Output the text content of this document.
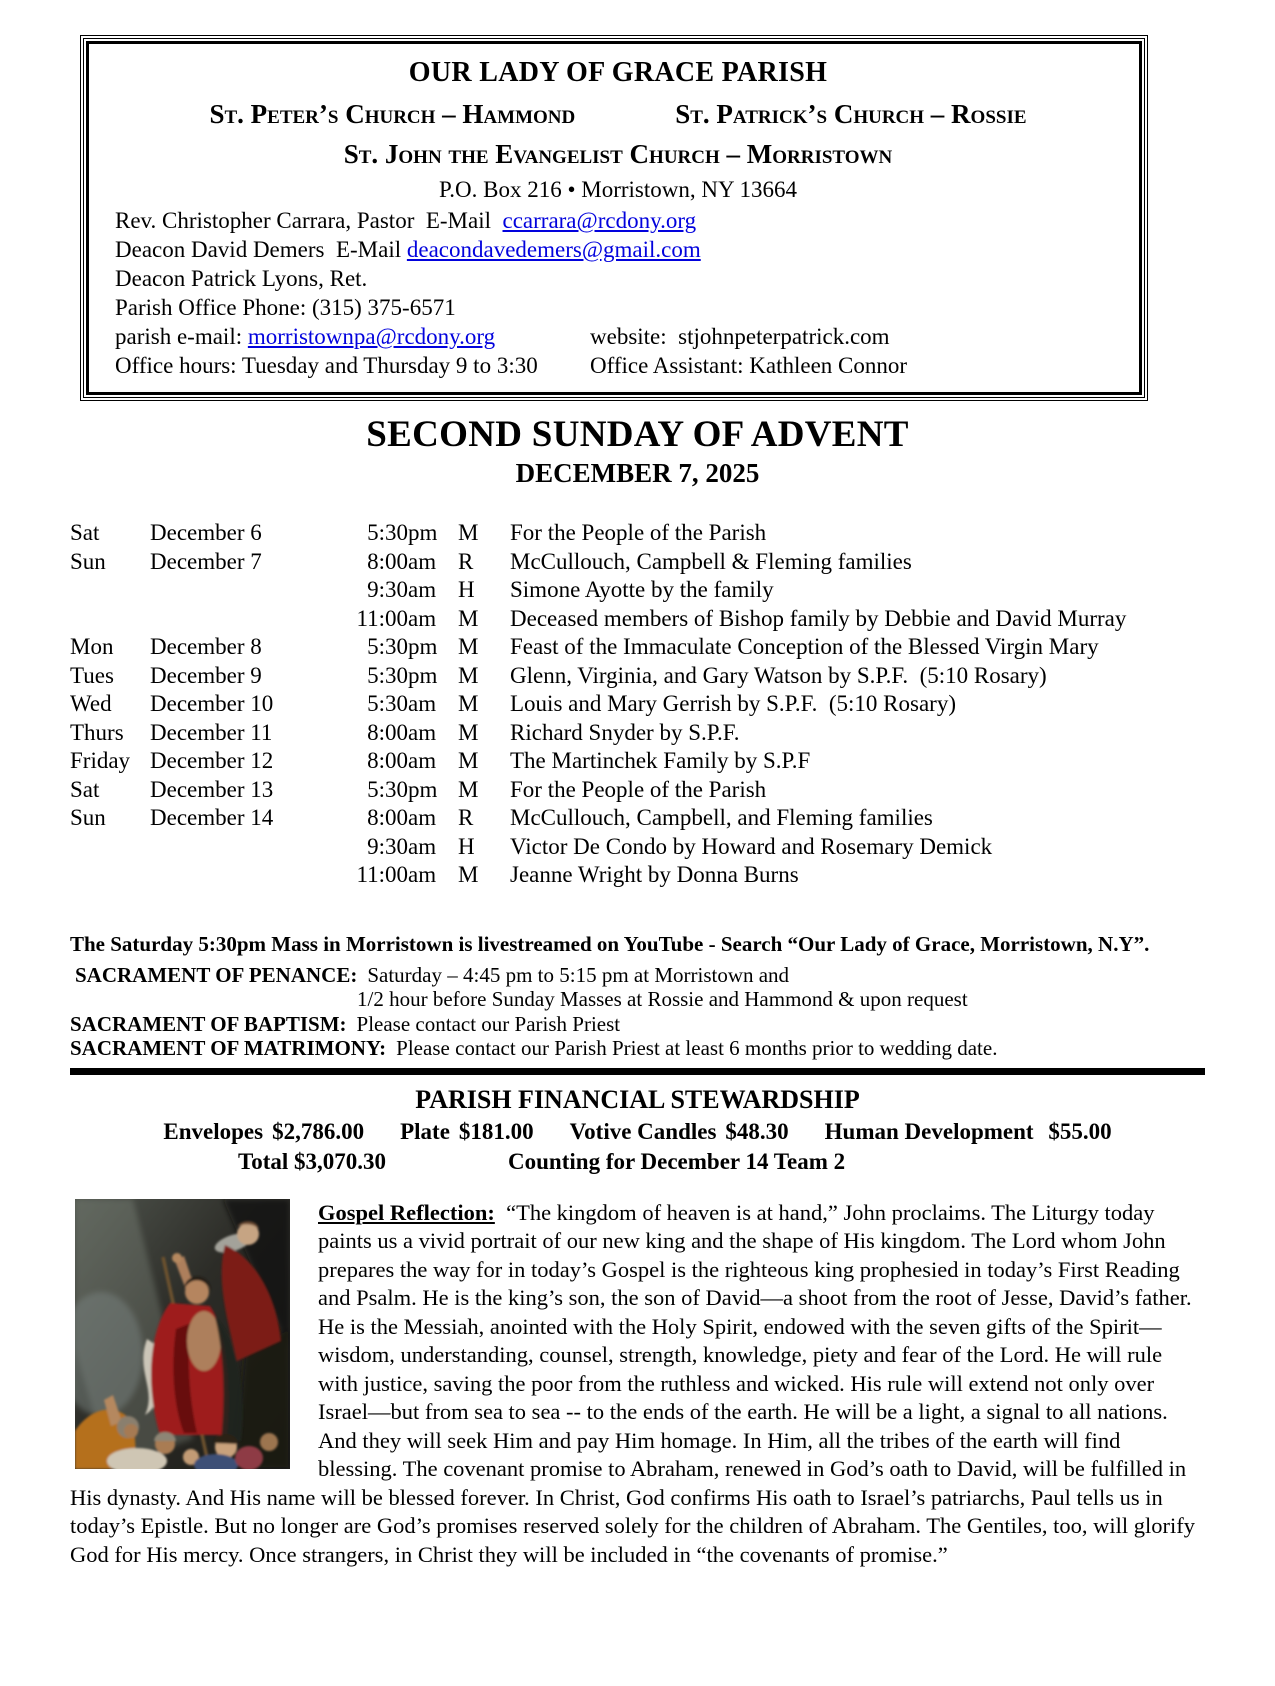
OUR LADY OF GRACE PARISH
St. Peter’s Church – Hammond	St. Patrick’s Church – Rossie
St. John the Evangelist Church – Morristown
P.O. Box 216 • Morristown, NY 13664
Rev. Christopher Carrara, Pastor  E-Mail  ccarrara@rcdony.org
Deacon David Demers  E-Mail deacondavedemers@gmail.com
Deacon Patrick Lyons, Ret.
Parish Office Phone: (315) 375-6571
parish e-mail: morristownpa@rcdony.org	website:  stjohnpeterpatrick.com
Office hours: Tuesday and Thursday 9 to 3:30	Office Assistant: Kathleen Connor
SECOND SUNDAY OF ADVENT
DECEMBER 7, 2025
Sat	December 6	5:30	pm	M	For the People of the Parish
Sun	December 7	8:00	am	R	McCullouch, Campbell & Fleming families
		9:30	am	H	Simone Ayotte by the family
		11:00	am	M	Deceased members of Bishop family by Debbie and David Murray
Mon	December 8	5:30	pm	M	Feast of the Immaculate Conception of the Blessed Virgin Mary
Tues	December 9	5:30	pm	M	Glenn, Virginia, and Gary Watson by S.P.F.  (5:10 Rosary)
Wed	December 10	5:30	am	M	Louis and Mary Gerrish by S.P.F.  (5:10 Rosary)
Thurs	December 11	8:00	am	M	Richard Snyder by S.P.F.
Friday	December 12	8:00	am	M	The Martinchek Family by S.P.F
Sat	December 13	5:30	pm	M	For the People of the Parish
Sun	December 14	8:00	am	R	McCullouch, Campbell, and Fleming families
		9:30	am	H	Victor De Condo by Howard and Rosemary Demick
		11:00	am	M	Jeanne Wright by Donna Burns
The Saturday 5:30pm Mass in Morristown is livestreamed on YouTube - Search “Our Lady of Grace, Morristown, N.Y”.
SACRAMENT OF PENANCE: Saturday – 4:45 pm to 5:15 pm at Morristown and
1/2 hour before Sunday Masses at Rossie and Hammond & upon request
SACRAMENT OF BAPTISM: Please contact our Parish Priest
SACRAMENT OF MATRIMONY: Please contact our Parish Priest at least 6 months prior to wedding date.
PARISH FINANCIAL STEWARDSHIP
Envelopes $2,786.00 Plate $181.00 Votive Candles $48.30 Human Development $55.00
Total $3,070.30	Counting for December 14 Team 2

Gospel Reflection:  “The kingdom of heaven is at hand,” John proclaims. The Liturgy today paints us a vivid portrait of our new king and the shape of His kingdom. The Lord whom John prepares the way for in today’s Gospel is the righteous king prophesied in today’s First Reading and Psalm. He is the king’s son, the son of David—a shoot from the root of Jesse, David’s father. He is the Messiah, anointed with the Holy Spirit, endowed with the seven gifts of the Spirit—wisdom, understanding, counsel, strength, knowledge, piety and fear of the Lord. He will rule with justice, saving the poor from the ruthless and wicked. His rule will extend not only over Israel—but from sea to sea -- to the ends of the earth. He will be a light, a signal to all nations. And they will seek Him and pay Him homage. In Him, all the tribes of the earth will find blessing. The covenant promise to Abraham, renewed in God’s oath to David, will be fulfilled in His dynasty. And His name will be blessed forever. In Christ, God confirms His oath to Israel’s patriarchs, Paul tells us in today’s Epistle. But no longer are God’s promises reserved solely for the children of Abraham. The Gentiles, too, will glorify God for His mercy. Once strangers, in Christ they will be included in “the covenants of promise.”
